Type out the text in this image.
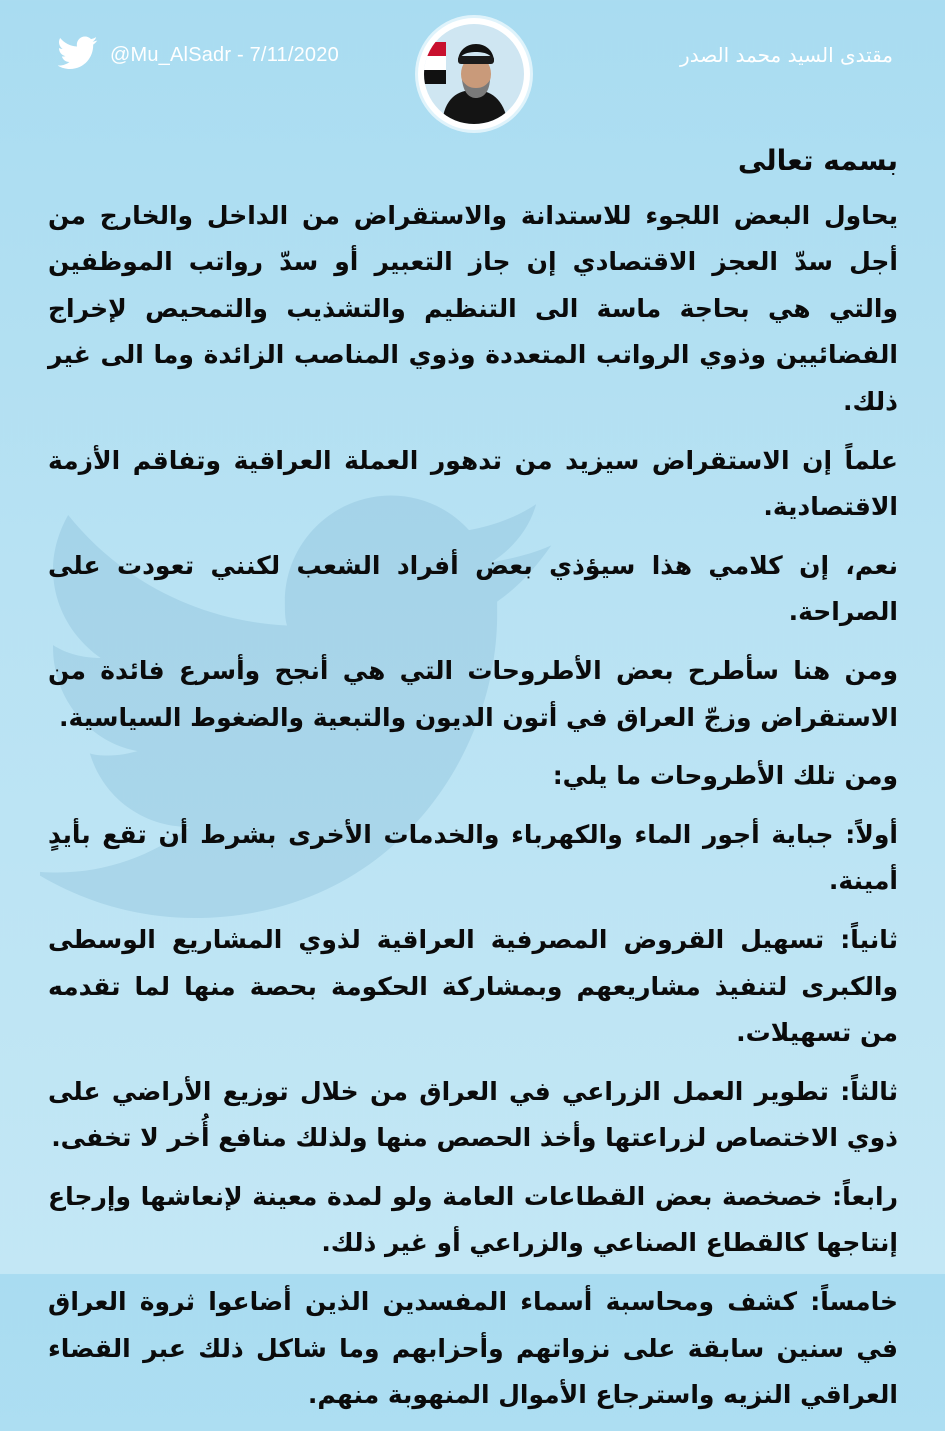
@Mu_AlSadr - 7/11/2020	مقتدى السيد محمد الصدر

بسمه تعالى

يحاول البعض اللجوء للاستدانة والاستقراض من الداخل والخارج من أجل سدّ العجز الاقتصادي إن جاز التعبير أو سدّ رواتب الموظفين والتي هي بحاجة ماسة الى التنظيم والتشذيب والتمحيص لإخراج الفضائيين وذوي الرواتب المتعددة وذوي المناصب الزائدة وما الى غير ذلك.

علماً إن الاستقراض سيزيد من تدهور العملة العراقية وتفاقم الأزمة الاقتصادية.

نعم، إن كلامي هذا سيؤذي بعض أفراد الشعب لكنني تعودت على الصراحة.

ومن هنا سأطرح بعض الأطروحات التي هي أنجح وأسرع فائدة من الاستقراض وزجّ العراق في أتون الديون والتبعية والضغوط السياسية.

ومن تلك الأطروحات ما يلي:

أولاً: جباية أجور الماء والكهرباء والخدمات الأخرى بشرط أن تقع بأيدٍ أمينة.

ثانياً: تسهيل القروض المصرفية العراقية لذوي المشاريع الوسطى والكبرى لتنفيذ مشاريعهم وبمشاركة الحكومة بحصة منها لما تقدمه من تسهيلات.

ثالثاً: تطوير العمل الزراعي في العراق من خلال توزيع الأراضي على ذوي الاختصاص لزراعتها وأخذ الحصص منها ولذلك منافع أُخر لا تخفى.

رابعاً: خصخصة بعض القطاعات العامة ولو لمدة معينة لإنعاشها وإرجاع إنتاجها كالقطاع الصناعي والزراعي أو غير ذلك.

خامساً: كشف ومحاسبة أسماء المفسدين الذين أضاعوا ثروة العراق في سنين سابقة على نزواتهم وأحزابهم وما شاكل ذلك عبر القضاء العراقي النزيه واسترجاع الأموال المنهوبة منهم.
